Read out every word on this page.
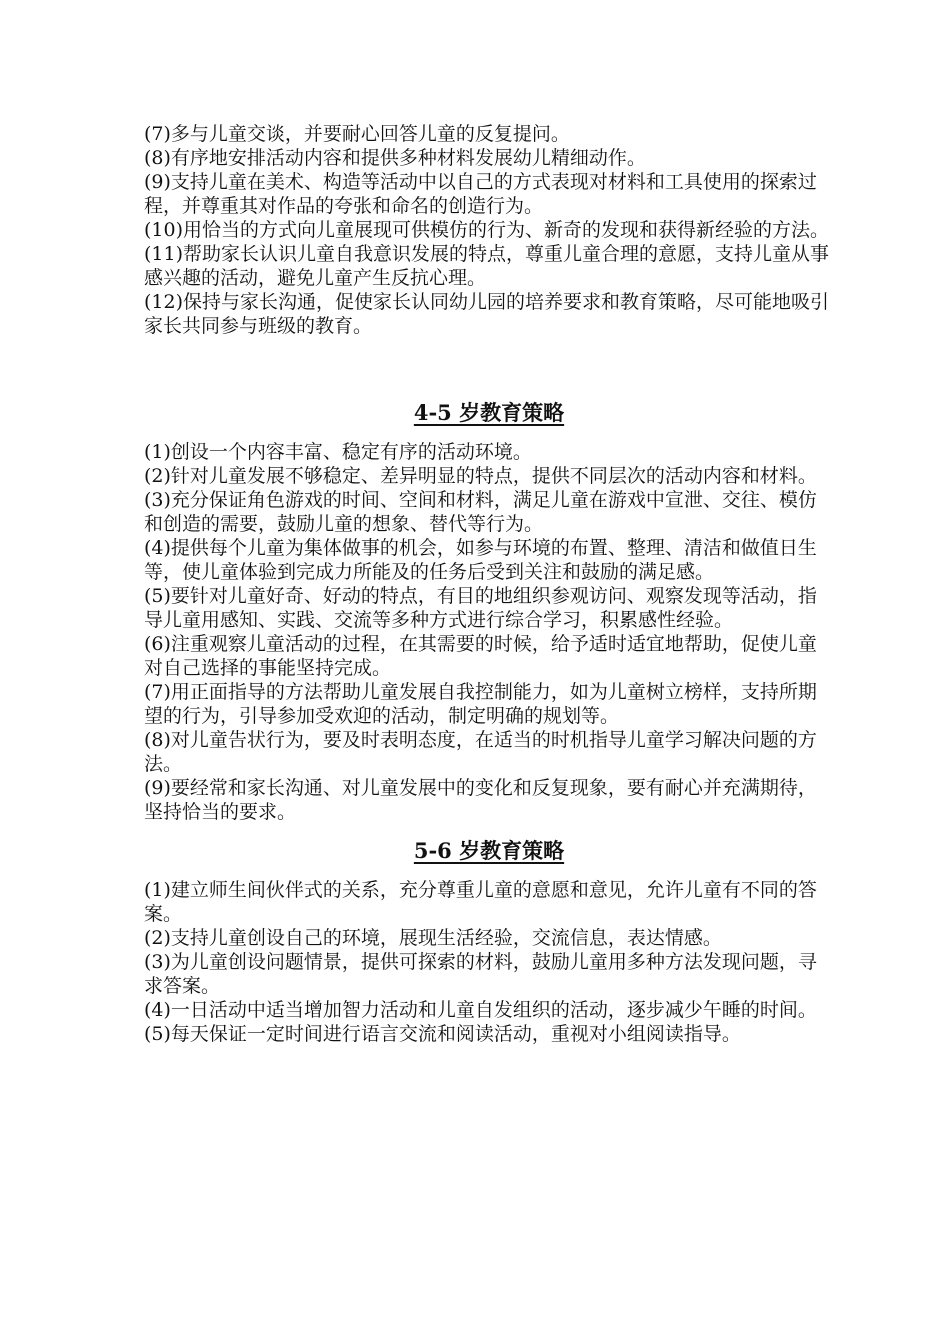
(7)多与儿童交谈，并要耐心回答儿童的反复提问。

(8)有序地安排活动内容和提供多种材料发展幼儿精细动作。

(9)支持儿童在美术、构造等活动中以自己的方式表现对材料和工具使用的探索过程，并尊重其对作品的夸张和命名的创造行为。

(10)用恰当的方式向儿童展现可供模仿的行为、新奇的发现和获得新经验的方法。

(11)帮助家长认识儿童自我意识发展的特点，尊重儿童合理的意愿，支持儿童从事感兴趣的活动，避免儿童产生反抗心理。

(12)保持与家长沟通，促使家长认同幼儿园的培养要求和教育策略，尽可能地吸引家长共同参与班级的教育。

4-5 岁教育策略

(1)创设一个内容丰富、稳定有序的活动环境。

(2)针对儿童发展不够稳定、差异明显的特点，提供不同层次的活动内容和材料。

(3)充分保证角色游戏的时间、空间和材料，满足儿童在游戏中宣泄、交往、模仿和创造的需要，鼓励儿童的想象、替代等行为。

(4)提供每个儿童为集体做事的机会，如参与环境的布置、整理、清洁和做值日生等，使儿童体验到完成力所能及的任务后受到关注和鼓励的满足感。

(5)要针对儿童好奇、好动的特点，有目的地组织参观访问、观察发现等活动，指导儿童用感知、实践、交流等多种方式进行综合学习，积累感性经验。

(6)注重观察儿童活动的过程，在其需要的时候，给予适时适宜地帮助，促使儿童对自己选择的事能坚持完成。

(7)用正面指导的方法帮助儿童发展自我控制能力，如为儿童树立榜样，支持所期望的行为，引导参加受欢迎的活动，制定明确的规划等。

(8)对儿童告状行为，要及时表明态度，在适当的时机指导儿童学习解决问题的方法。

(9)要经常和家长沟通、对儿童发展中的变化和反复现象，要有耐心并充满期待，坚持恰当的要求。

5-6 岁教育策略

(1)建立师生间伙伴式的关系，充分尊重儿童的意愿和意见，允许儿童有不同的答案。

(2)支持儿童创设自己的环境，展现生活经验，交流信息，表达情感。

(3)为儿童创设问题情景，提供可探索的材料，鼓励儿童用多种方法发现问题，寻求答案。

(4)一日活动中适当增加智力活动和儿童自发组织的活动，逐步减少午睡的时间。

(5)每天保证一定时间进行语言交流和阅读活动，重视对小组阅读指导。
